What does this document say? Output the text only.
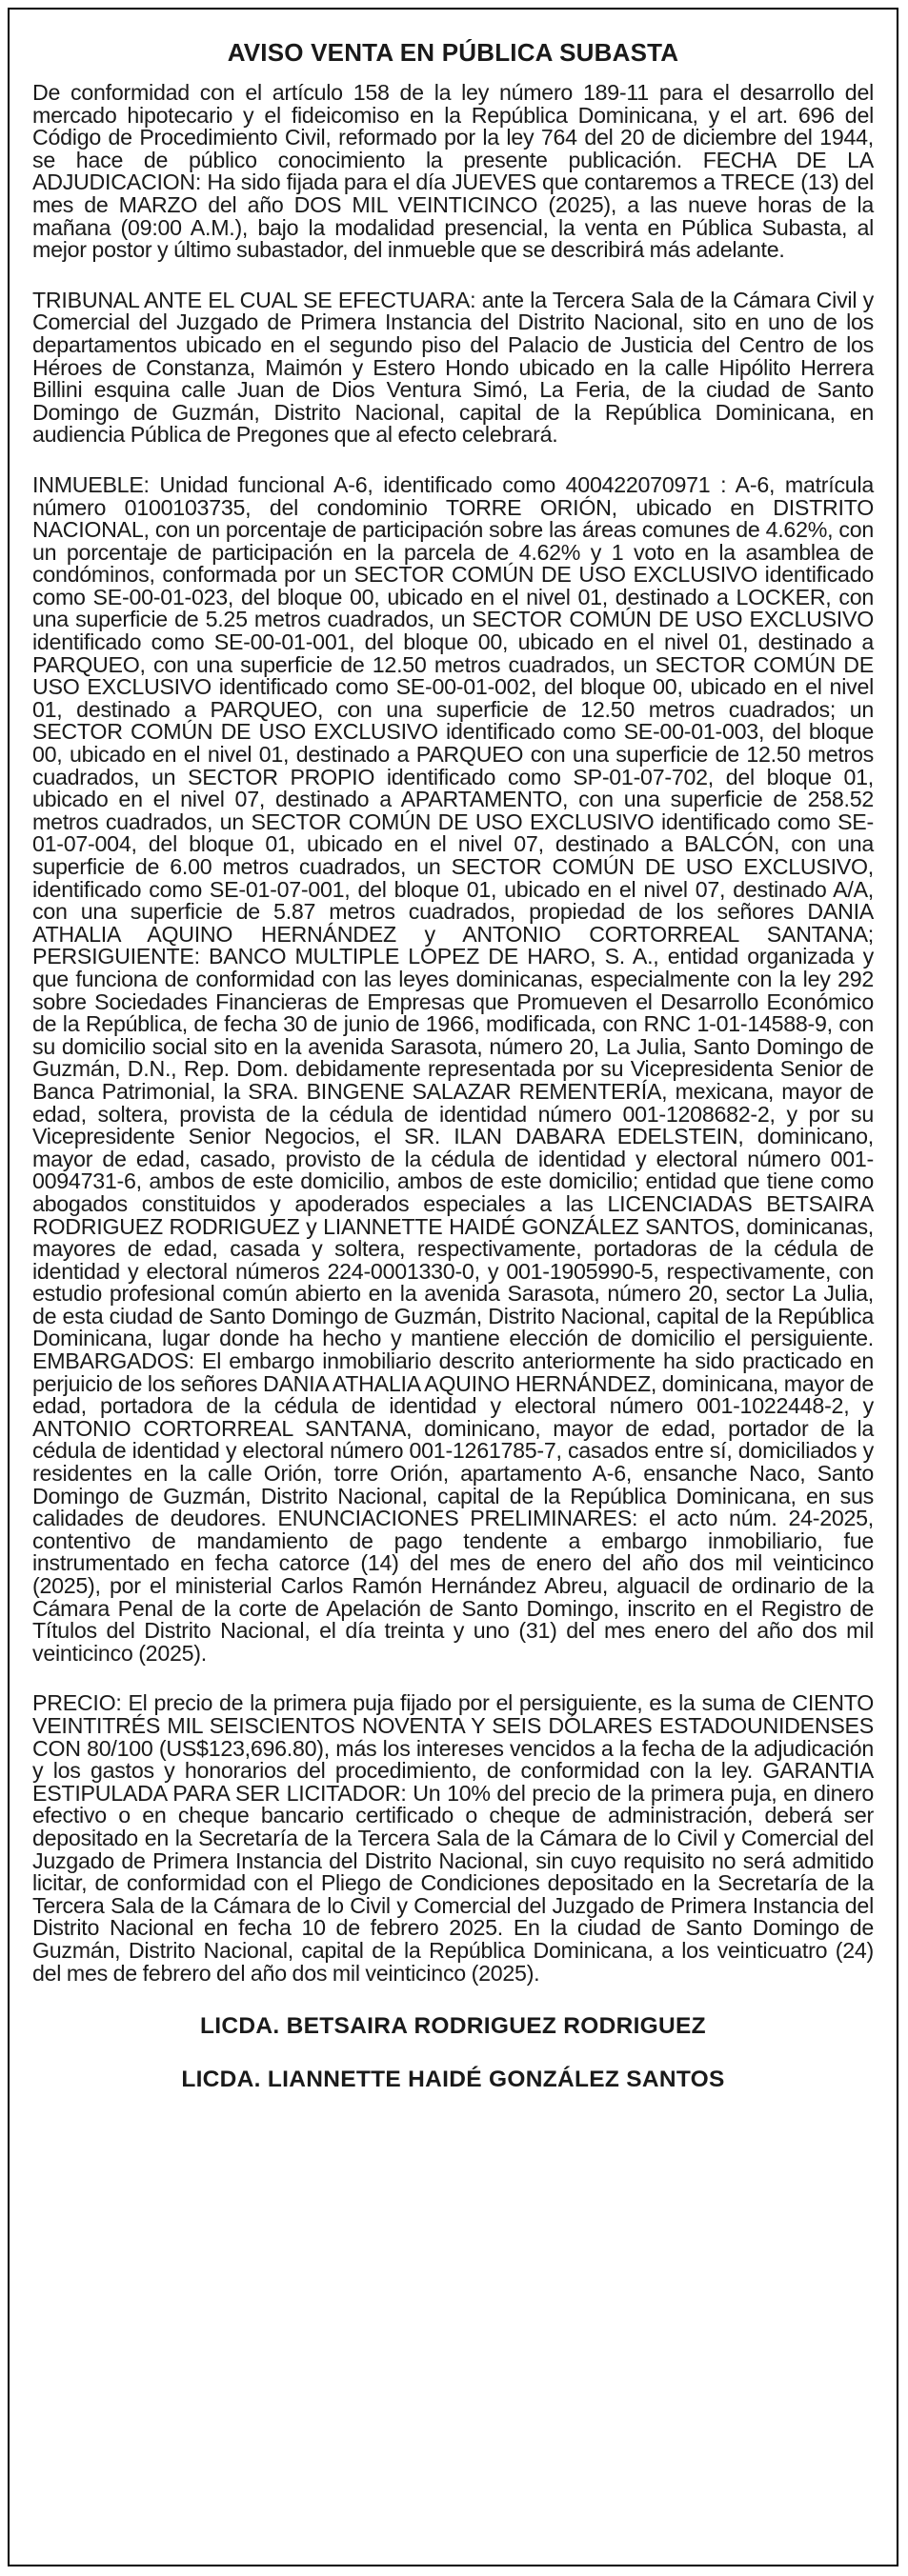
AVISO VENTA EN PÚBLICA SUBASTA

De conformidad con el artículo 158 de la ley número 189-11 para el desarrollo del mercado hipotecario y el fideicomiso en la República Dominicana, y el art. 696 del Código de Procedimiento Civil, reformado por la ley 764 del 20 de diciembre del 1944, se hace de público conocimiento la presente publicación. FECHA DE LA ADJUDICACION: Ha sido fijada para el día JUEVES que contaremos a TRECE (13) del mes de MARZO del año DOS MIL VEINTICINCO (2025), a las nueve horas de la mañana (09:00 A.M.), bajo la modalidad presencial, la venta en Pública Subasta, al mejor postor y último subastador, del inmueble que se describirá más adelante.

TRIBUNAL ANTE EL CUAL SE EFECTUARA: ante la Tercera Sala de la Cámara Civil y Comercial del Juzgado de Primera Instancia del Distrito Nacional, sito en uno de los departamentos ubicado en el segundo piso del Palacio de Justicia del Centro de los Héroes de Constanza, Maimón y Estero Hondo ubicado en la calle Hipólito Herrera Billini esquina calle Juan de Dios Ventura Simó, La Feria, de la ciudad de Santo Domingo de Guzmán, Distrito Nacional, capital de la República Dominicana, en audiencia Pública de Pregones que al efecto celebrará.

INMUEBLE: Unidad funcional A-6, identificado como 400422070971 : A-6, matrícula número 0100103735, del condominio TORRE ORIÓN, ubicado en DISTRITO NACIONAL, con un porcentaje de participación sobre las áreas comunes de 4.62%, con un porcentaje de participación en la parcela de 4.62% y 1 voto en la asamblea de condóminos, conformada por un SECTOR COMÚN DE USO EXCLUSIVO identificado como SE-00-01-023, del bloque 00, ubicado en el nivel 01, destinado a LOCKER, con una superficie de 5.25 metros cuadrados, un SECTOR COMÚN DE USO EXCLUSIVO identificado como SE-00-01-001, del bloque 00, ubicado en el nivel 01, destinado a PARQUEO, con una superficie de 12.50 metros cuadrados, un SECTOR COMÚN DE USO EXCLUSIVO identificado como SE-00-01-002, del bloque 00, ubicado en el nivel 01, destinado a PARQUEO, con una superficie de 12.50 metros cuadrados; un SECTOR COMÚN DE USO EXCLUSIVO identificado como SE-00-01-003, del bloque 00, ubicado en el nivel 01, destinado a PARQUEO con una superficie de 12.50 metros cuadrados, un SECTOR PROPIO identificado como SP-01-07-702, del bloque 01, ubicado en el nivel 07, destinado a APARTAMENTO, con una superficie de 258.52 metros cuadrados, un SECTOR COMÚN DE USO EXCLUSIVO identificado como SE-01-07-004, del bloque 01, ubicado en el nivel 07, destinado a BALCÓN, con una superficie de 6.00 metros cuadrados, un SECTOR COMÚN DE USO EXCLUSIVO, identificado como SE-01-07-001, del bloque 01, ubicado en el nivel 07, destinado A/A, con una superficie de 5.87 metros cuadrados, propiedad de los señores DANIA ATHALIA AQUINO HERNÁNDEZ y ANTONIO CORTORREAL SANTANA; PERSIGUIENTE: BANCO MULTIPLE LOPEZ DE HARO, S. A., entidad organizada y que funciona de conformidad con las leyes dominicanas, especialmente con la ley 292 sobre Sociedades Financieras de Empresas que Promueven el Desarrollo Económico de la República, de fecha 30 de junio de 1966, modificada, con RNC 1-01-14588-9, con su domicilio social sito en la avenida Sarasota, número 20, La Julia, Santo Domingo de Guzmán, D.N., Rep. Dom. debidamente representada por su Vicepresidenta Senior de Banca Patrimonial, la SRA. BINGENE SALAZAR REMENTERÍA, mexicana, mayor de edad, soltera, provista de la cédula de identidad número 001-1208682-2, y por su Vicepresidente Senior Negocios, el SR. ILAN DABARA EDELSTEIN, dominicano, mayor de edad, casado, provisto de la cédula de identidad y electoral número 001-0094731-6, ambos de este domicilio, ambos de este domicilio; entidad que tiene como abogados constituidos y apoderados especiales a las LICENCIADAS BETSAIRA RODRIGUEZ RODRIGUEZ y LIANNETTE HAIDÉ GONZÁLEZ SANTOS, dominicanas, mayores de edad, casada y soltera, respectivamente, portadoras de la cédula de identidad y electoral números 224-0001330-0, y 001-1905990-5, respectivamente, con estudio profesional común abierto en la avenida Sarasota, número 20, sector La Julia, de esta ciudad de Santo Domingo de Guzmán, Distrito Nacional, capital de la República Dominicana, lugar donde ha hecho y mantiene elección de domicilio el persiguiente. EMBARGADOS: El embargo inmobiliario descrito anteriormente ha sido practicado en perjuicio de los señores DANIA ATHALIA AQUINO HERNÁNDEZ, dominicana, mayor de edad, portadora de la cédula de identidad y electoral número 001-1022448-2, y ANTONIO CORTORREAL SANTANA, dominicano, mayor de edad, portador de la cédula de identidad y electoral número 001-1261785-7, casados entre sí, domiciliados y residentes en la calle Orión, torre Orión, apartamento A-6, ensanche Naco, Santo Domingo de Guzmán, Distrito Nacional, capital de la República Dominicana, en sus calidades de deudores. ENUNCIACIONES PRELIMINARES: el acto núm. 24-2025, contentivo de mandamiento de pago tendente a embargo inmobiliario, fue instrumentado en fecha catorce (14) del mes de enero del año dos mil veinticinco (2025), por el ministerial Carlos Ramón Hernández Abreu, alguacil de ordinario de la Cámara Penal de la corte de Apelación de Santo Domingo, inscrito en el Registro de Títulos del Distrito Nacional, el día treinta y uno (31) del mes enero del año dos mil veinticinco (2025).

PRECIO: El precio de la primera puja fijado por el persiguiente, es la suma de CIENTO VEINTITRÉS MIL SEISCIENTOS NOVENTA Y SEIS DÓLARES ESTADOUNIDENSES CON 80/100 (US$123,696.80), más los intereses vencidos a la fecha de la adjudicación y los gastos y honorarios del procedimiento, de conformidad con la ley. GARANTIA ESTIPULADA PARA SER LICITADOR: Un 10% del precio de la primera puja, en dinero efectivo o en cheque bancario certificado o cheque de administración, deberá ser depositado en la Secretaría de la Tercera Sala de la Cámara de lo Civil y Comercial del Juzgado de Primera Instancia del Distrito Nacional, sin cuyo requisito no será admitido licitar, de conformidad con el Pliego de Condiciones depositado en la Secretaría de la Tercera Sala de la Cámara de lo Civil y Comercial del Juzgado de Primera Instancia del Distrito Nacional en fecha 10 de febrero 2025. En la ciudad de Santo Domingo de Guzmán, Distrito Nacional, capital de la República Dominicana, a los veinticuatro (24) del mes de febrero del año dos mil veinticinco (2025).

LICDA. BETSAIRA RODRIGUEZ RODRIGUEZ
LICDA. LIANNETTE HAIDÉ GONZÁLEZ SANTOS
